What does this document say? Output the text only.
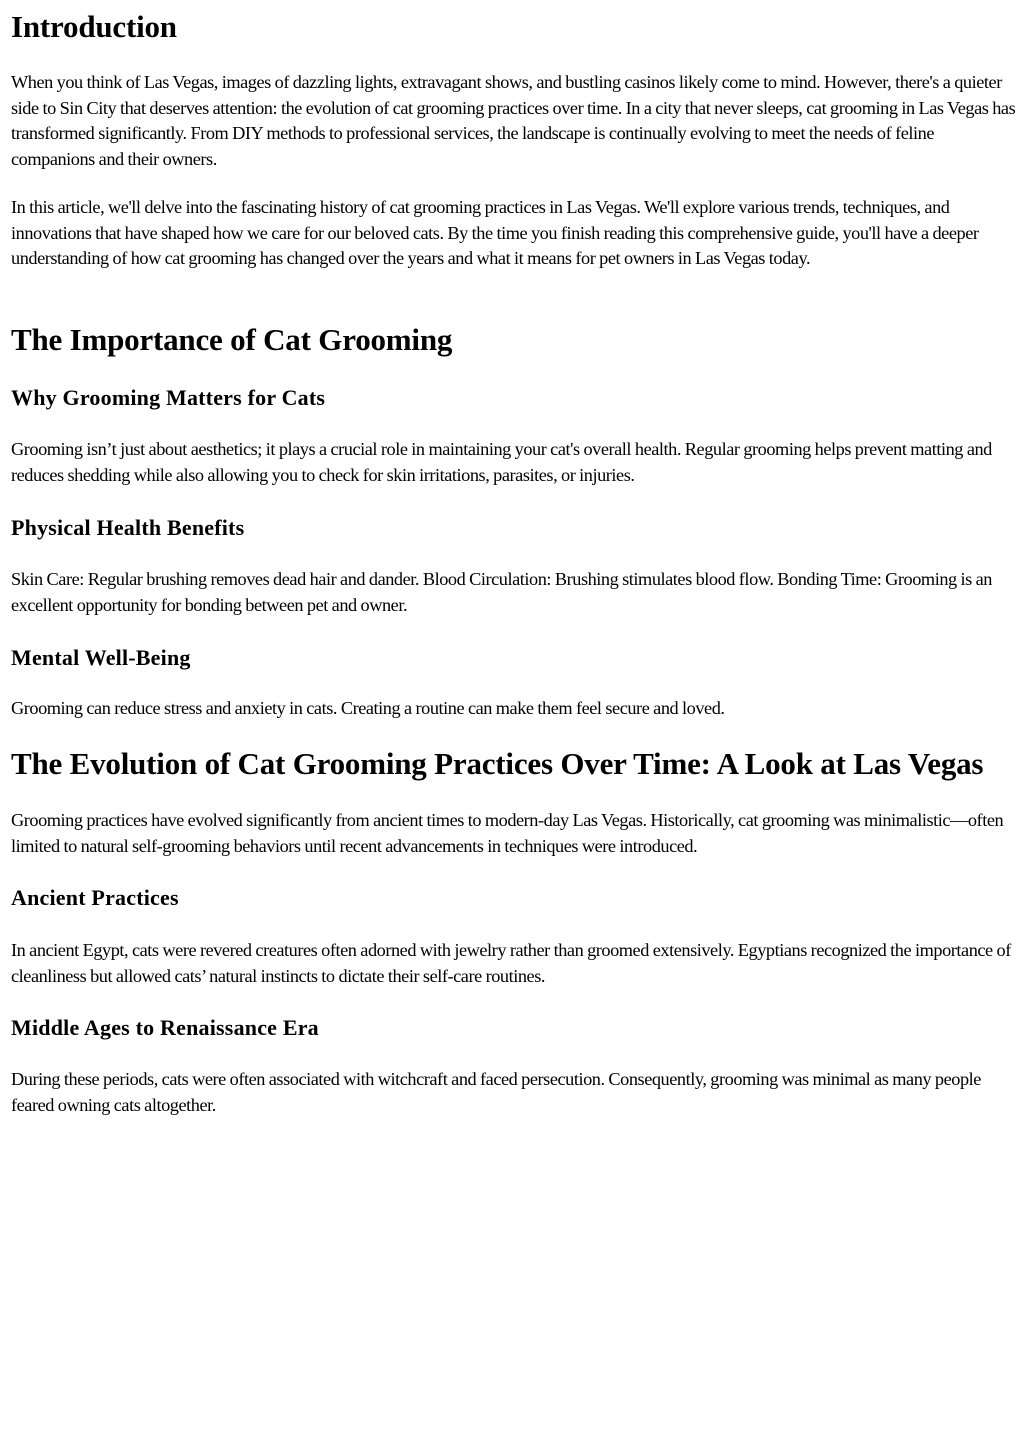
Introduction

When you think of Las Vegas, images of dazzling lights, extravagant shows, and bustling casinos likely come to mind. However, there's a quieter side to Sin City that deserves attention: the evolution of cat grooming practices over time. In a city that never sleeps, cat grooming in Las Vegas has transformed significantly. From DIY methods to professional services, the landscape is continually evolving to meet the needs of feline companions and their owners.

In this article, we'll delve into the fascinating history of cat grooming practices in Las Vegas. We'll explore various trends, techniques, and innovations that have shaped how we care for our beloved cats. By the time you finish reading this comprehensive guide, you'll have a deeper understanding of how cat grooming has changed over the years and what it means for pet owners in Las Vegas today.

The Importance of Cat Grooming
Why Grooming Matters for Cats

Grooming isn’t just about aesthetics; it plays a crucial role in maintaining your cat's overall health. Regular grooming helps prevent matting and reduces shedding while also allowing you to check for skin irritations, parasites, or injuries.

Physical Health Benefits

Skin Care: Regular brushing removes dead hair and dander. Blood Circulation: Brushing stimulates blood flow. Bonding Time: Grooming is an excellent opportunity for bonding between pet and owner.

Mental Well-Being

Grooming can reduce stress and anxiety in cats. Creating a routine can make them feel secure and loved.

The Evolution of Cat Grooming Practices Over Time: A Look at Las Vegas

Grooming practices have evolved significantly from ancient times to modern-day Las Vegas. Historically, cat grooming was minimalistic—often limited to natural self-grooming behaviors until recent advancements in techniques were introduced.

Ancient Practices

In ancient Egypt, cats were revered creatures often adorned with jewelry rather than groomed extensively. Egyptians recognized the importance of cleanliness but allowed cats’ natural instincts to dictate their self-care routines.

Middle Ages to Renaissance Era

During these periods, cats were often associated with witchcraft and faced persecution. Consequently, grooming was minimal as many people feared owning cats altogether.
